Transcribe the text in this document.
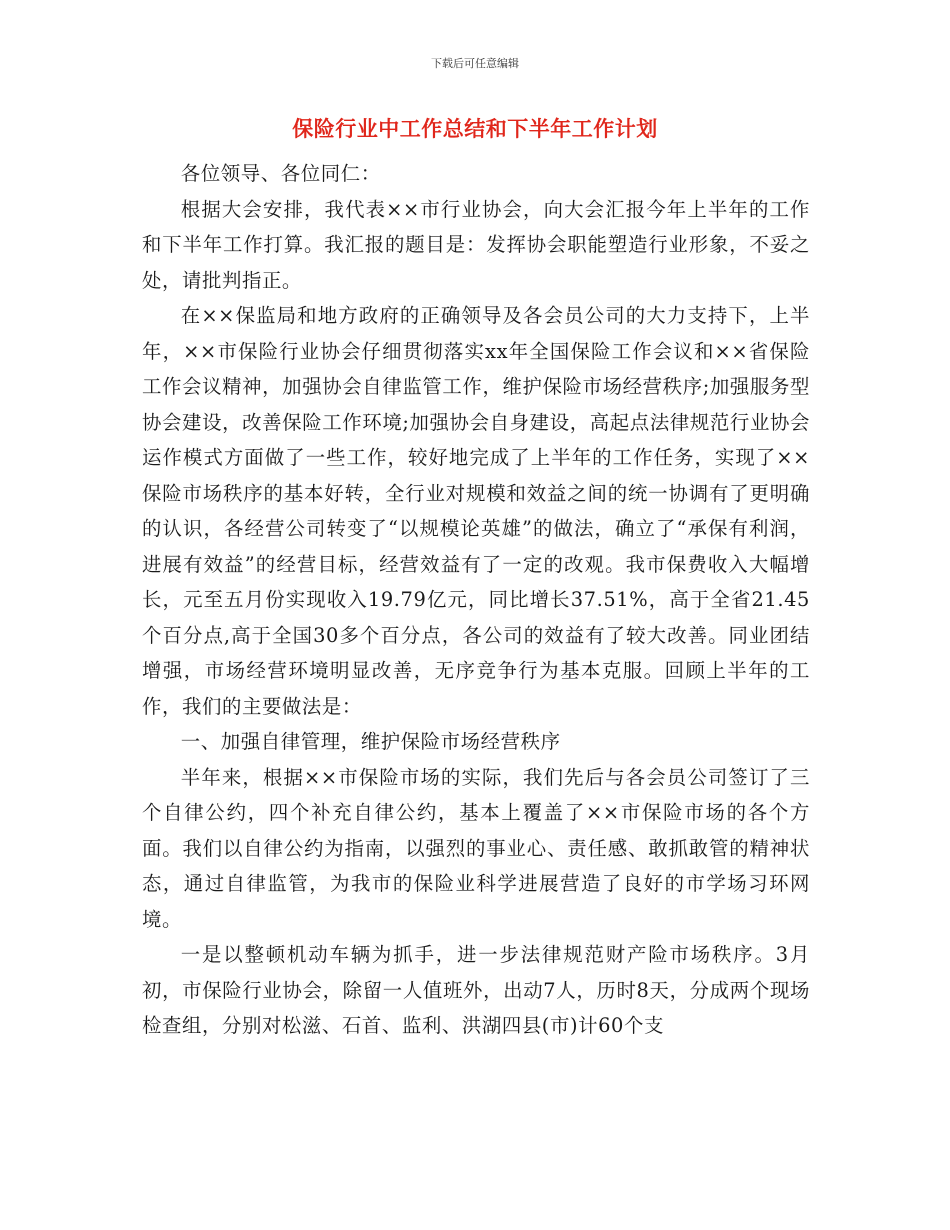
下载后可任意编辑
保险行业中工作总结和下半年工作计划

各位领导、各位同仁：

根据大会安排，我代表××市行业协会，向大会汇报今年上半年的工作和下半年工作打算。我汇报的题目是：发挥协会职能塑造行业形象，不妥之处，请批判指正。

在××保监局和地方政府的正确领导及各会员公司的大力支持下，上半年，××市保险行业协会仔细贯彻落实xx年全国保险工作会议和××省保险工作会议精神，加强协会自律监管工作，维护保险市场经营秩序;加强服务型协会建设，改善保险工作环境;加强协会自身建设，高起点法律规范行业协会运作模式方面做了一些工作，较好地完成了上半年的工作任务，实现了××保险市场秩序的基本好转，全行业对规模和效益之间的统一协调有了更明确的认识，各经营公司转变了“以规模论英雄”的做法，确立了“承保有利润，进展有效益”的经营目标，经营效益有了一定的改观。我市保费收入大幅增长，元至五月份实现收入19.79亿元，同比增长37.51%，高于全省21.45个百分点,高于全国30多个百分点，各公司的效益有了较大改善。同业团结增强，市场经营环境明显改善，无序竞争行为基本克服。回顾上半年的工作，我们的主要做法是：

一、加强自律管理，维护保险市场经营秩序

半年来，根据××市保险市场的实际，我们先后与各会员公司签订了三个自律公约，四个补充自律公约，基本上覆盖了××市保险市场的各个方面。我们以自律公约为指南，以强烈的事业心、责任感、敢抓敢管的精神状态，通过自律监管，为我市的保险业科学进展营造了良好的市学场习环网境。

一是以整顿机动车辆为抓手，进一步法律规范财产险市场秩序。3月初，市保险行业协会，除留一人值班外，出动7人，历时8天，分成两个现场检查组，分别对松滋、石首、监利、洪湖四县(市)计60个支
